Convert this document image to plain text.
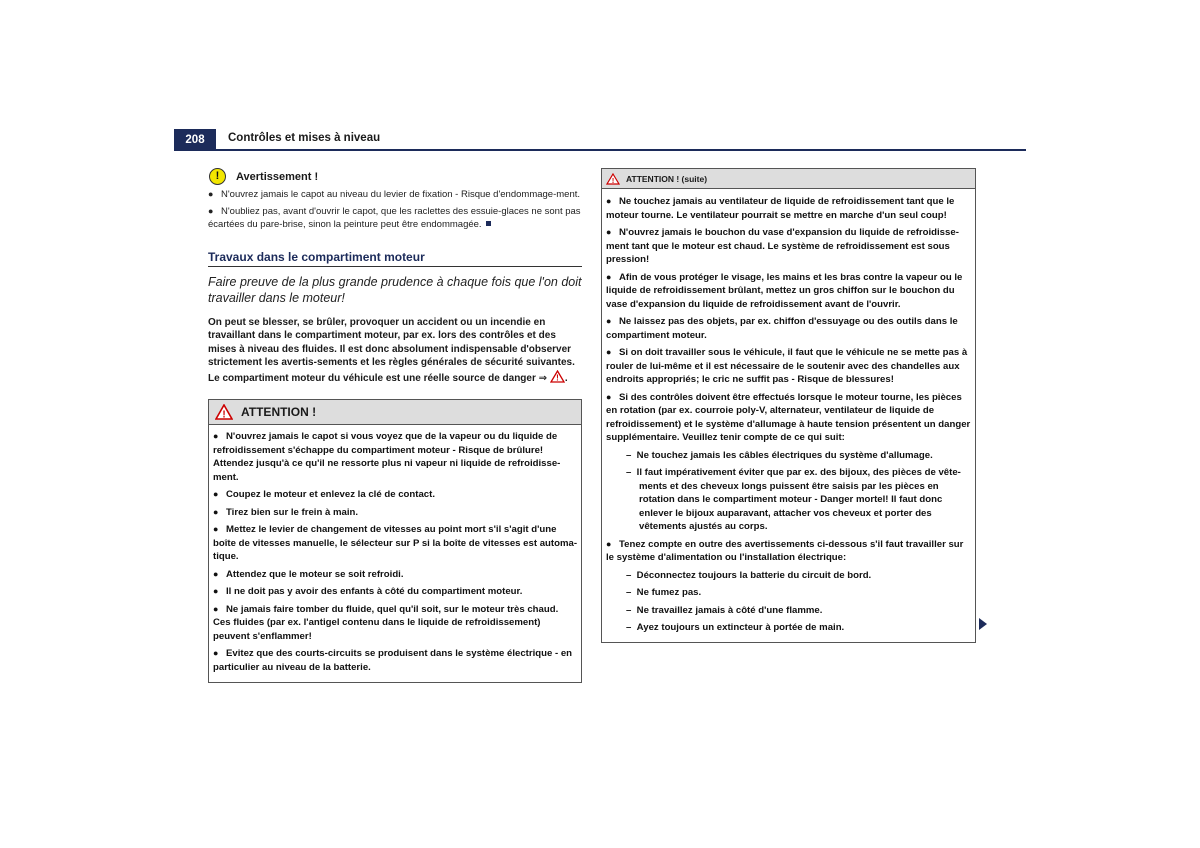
208	Contrôles et mises à niveau
!	Avertissement !

● N'ouvrez jamais le capot au niveau du levier de fixation - Risque d'endommage-ment.

● N'oubliez pas, avant d'ouvrir le capot, que les raclettes des essuie-glaces ne sont pas écartées du pare-brise, sinon la peinture peut être endommagée.

Travaux dans le compartiment moteur
Faire preuve de la plus grande prudence à chaque fois que l'on doit travailler dans le moteur!
On peut se blesser, se brûler, provoquer un accident ou un incendie en travaillant dans le compartiment moteur, par ex. lors des contrôles et des mises à niveau des fluides. Il est donc absolument indispensable d'observer strictement les avertis-sements et les règles générales de sécurité suivantes. Le compartiment moteur du véhicule est une réelle source de danger ⇒ ! .
! ATTENTION !

● N'ouvrez jamais le capot si vous voyez que de la vapeur ou du liquide de refroidissement s'échappe du compartiment moteur - Risque de brûlure! Attendez jusqu'à ce qu'il ne ressorte plus ni vapeur ni liquide de refroidisse-ment.

● Coupez le moteur et enlevez la clé de contact.

● Tirez bien sur le frein à main.

● Mettez le levier de changement de vitesses au point mort s'il s'agit d'une boîte de vitesses manuelle, le sélecteur sur P si la boîte de vitesses est automa-tique.

● Attendez que le moteur se soit refroidi.

● Il ne doit pas y avoir des enfants à côté du compartiment moteur.

● Ne jamais faire tomber du fluide, quel qu'il soit, sur le moteur très chaud. Ces fluides (par ex. l'antigel contenu dans le liquide de refroidissement) peuvent s'enflammer!

● Evitez que des courts-circuits se produisent dans le système électrique - en particulier au niveau de la batterie.

! ATTENTION ! (suite)

● Ne touchez jamais au ventilateur de liquide de refroidissement tant que le moteur tourne. Le ventilateur pourrait se mettre en marche d'un seul coup!

● N'ouvrez jamais le bouchon du vase d'expansion du liquide de refroidisse-ment tant que le moteur est chaud. Le système de refroidissement est sous pression!

● Afin de vous protéger le visage, les mains et les bras contre la vapeur ou le liquide de refroidissement brûlant, mettez un gros chiffon sur le bouchon du vase d'expansion du liquide de refroidissement avant de l'ouvrir.

● Ne laissez pas des objets, par ex. chiffon d'essuyage ou des outils dans le compartiment moteur.

● Si on doit travailler sous le véhicule, il faut que le véhicule ne se mette pas à rouler de lui-même et il est nécessaire de le soutenir avec des chandelles aux endroits appropriés; le cric ne suffit pas - Risque de blessures!

● Si des contrôles doivent être effectués lorsque le moteur tourne, les pièces en rotation (par ex. courroie poly-V, alternateur, ventilateur de liquide de refroidissement) et le système d'allumage à haute tension présentent un danger supplémentaire. Veuillez tenir compte de ce qui suit:

–  Ne touchez jamais les câbles électriques du système d'allumage.

–  Il faut impérativement éviter que par ex. des bijoux, des pièces de vête-ments et des cheveux longs puissent être saisis par les pièces en rotation dans le compartiment moteur - Danger mortel! Il faut donc enlever le bijoux auparavant, attacher vos cheveux et porter des vêtements ajustés au corps.

● Tenez compte en outre des avertissements ci-dessous s'il faut travailler sur le système d'alimentation ou l'installation électrique:

–  Déconnectez toujours la batterie du circuit de bord.

–  Ne fumez pas.

–  Ne travaillez jamais à côté d'une flamme.

–  Ayez toujours un extincteur à portée de main.
